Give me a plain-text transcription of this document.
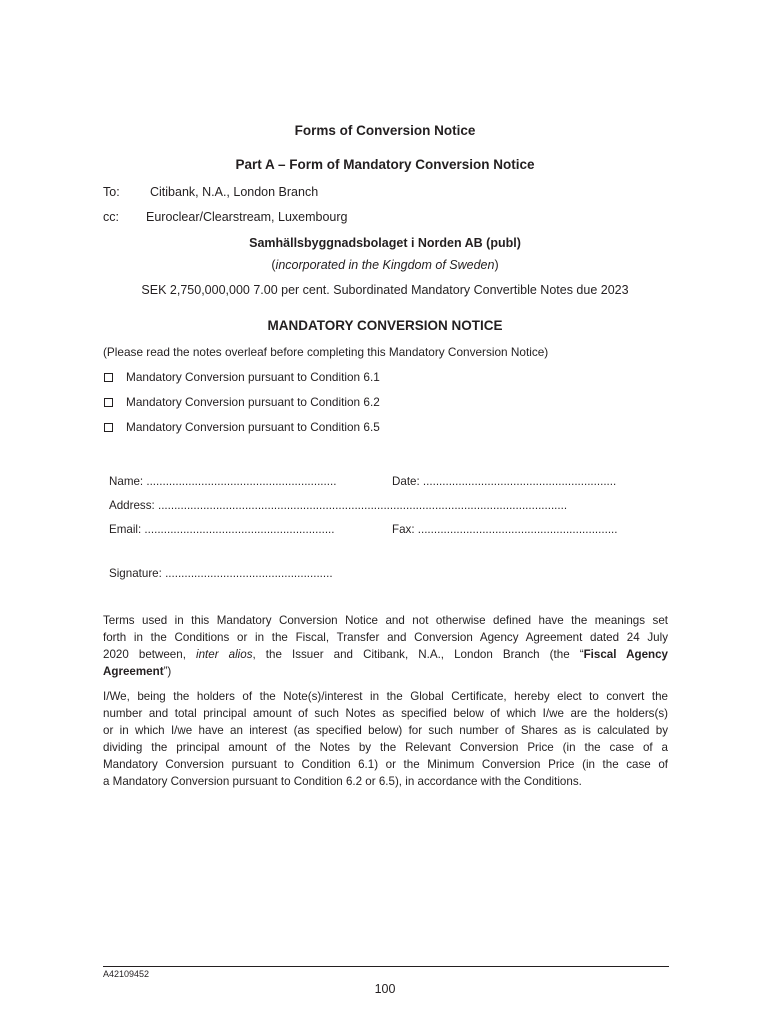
Forms of Conversion Notice
Part A – Form of Mandatory Conversion Notice
To: Citibank, N.A., London Branch
cc: Euroclear/Clearstream, Luxembourg
Samhällsbyggnadsbolaget i Norden AB (publ)
(incorporated in the Kingdom of Sweden)
SEK 2,750,000,000 7.00 per cent. Subordinated Mandatory Convertible Notes due 2023
MANDATORY CONVERSION NOTICE
(Please read the notes overleaf before completing this Mandatory Conversion Notice)
Mandatory Conversion pursuant to Condition 6.1
Mandatory Conversion pursuant to Condition 6.2
Mandatory Conversion pursuant to Condition 6.5
Name: ...........................................................	Date: ............................................................
Address: ...............................................................................................................................
Email: ...........................................................	Fax: ..............................................................
Signature: ....................................................
Terms used in this Mandatory Conversion Notice and not otherwise defined have the meanings set
forth in the Conditions or in the Fiscal, Transfer and Conversion Agency Agreement dated 24 July
2020 between, inter alios, the Issuer and Citibank, N.A., London Branch (the “Fiscal Agency
Agreement”)
I/We, being the holders of the Note(s)/interest in the Global Certificate, hereby elect to convert the
number and total principal amount of such Notes as specified below of which I/we are the holders(s)
or in which I/we have an interest (as specified below) for such number of Shares as is calculated by
dividing the principal amount of the Notes by the Relevant Conversion Price (in the case of a
Mandatory Conversion pursuant to Condition 6.1) or the Minimum Conversion Price (in the case of
a Mandatory Conversion pursuant to Condition 6.2 or 6.5), in accordance with the Conditions.
A42109452
100
